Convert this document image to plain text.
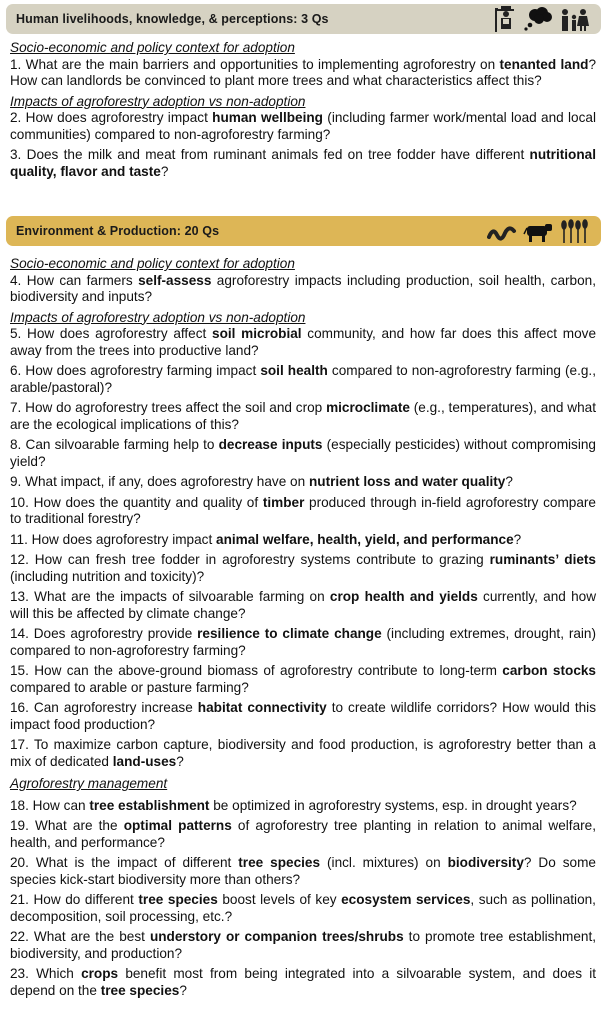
Human livelihoods, knowledge, & perceptions: 3 Qs
Socio-economic and policy context for adoption

1. What are the main barriers and opportunities to implementing agroforestry on tenanted land? How can landlords be convinced to plant more trees and what characteristics affect this?

Impacts of agroforestry adoption vs non-adoption

2. How does agroforestry impact human wellbeing (including farmer work/mental load and local communities) compared to non-agroforestry farming?

3. Does the milk and meat from ruminant animals fed on tree fodder have different nutritional quality, flavor and taste?

Environment & Production: 20 Qs
Socio-economic and policy context for adoption

4. How can farmers self-assess agroforestry impacts including production, soil health, carbon, biodiversity and inputs?

Impacts of agroforestry adoption vs non-adoption

5. How does agroforestry affect soil microbial community, and how far does this affect move away from the trees into productive land?

6. How does agroforestry farming impact soil health compared to non-agroforestry farming (e.g., arable/pastoral)?

7. How do agroforestry trees affect the soil and crop microclimate (e.g., temperatures), and what are the ecological implications of this?

8. Can silvoarable farming help to decrease inputs (especially pesticides) without compromising yield?

9. What impact, if any, does agroforestry have on nutrient loss and water quality?

10. How does the quantity and quality of timber produced through in-field agroforestry compare to traditional forestry?

11. How does agroforestry impact animal welfare, health, yield, and performance?

12. How can fresh tree fodder in agroforestry systems contribute to grazing ruminants’ diets (including nutrition and toxicity)?

13. What are the impacts of silvoarable farming on crop health and yields currently, and how will this be affected by climate change?

14. Does agroforestry provide resilience to climate change (including extremes, drought, rain) compared to non-agroforestry farming?

15. How can the above-ground biomass of agroforestry contribute to long-term carbon stocks compared to arable or pasture farming?

16. Can agroforestry increase habitat connectivity to create wildlife corridors? How would this impact food production?

17. To maximize carbon capture, biodiversity and food production, is agroforestry better than a mix of dedicated land-uses?

Agroforestry management

18. How can tree establishment be optimized in agroforestry systems, esp. in drought years?

19. What are the optimal patterns of agroforestry tree planting in relation to animal welfare, health, and performance?

20. What is the impact of different tree species (incl. mixtures) on biodiversity? Do some species kick-start biodiversity more than others?

21. How do different tree species boost levels of key ecosystem services, such as pollination, decomposition, soil processing, etc.?

22. What are the best understory or companion trees/shrubs to promote tree establishment, biodiversity, and production?

23. Which crops benefit most from being integrated into a silvoarable system, and does it depend on the tree species?
